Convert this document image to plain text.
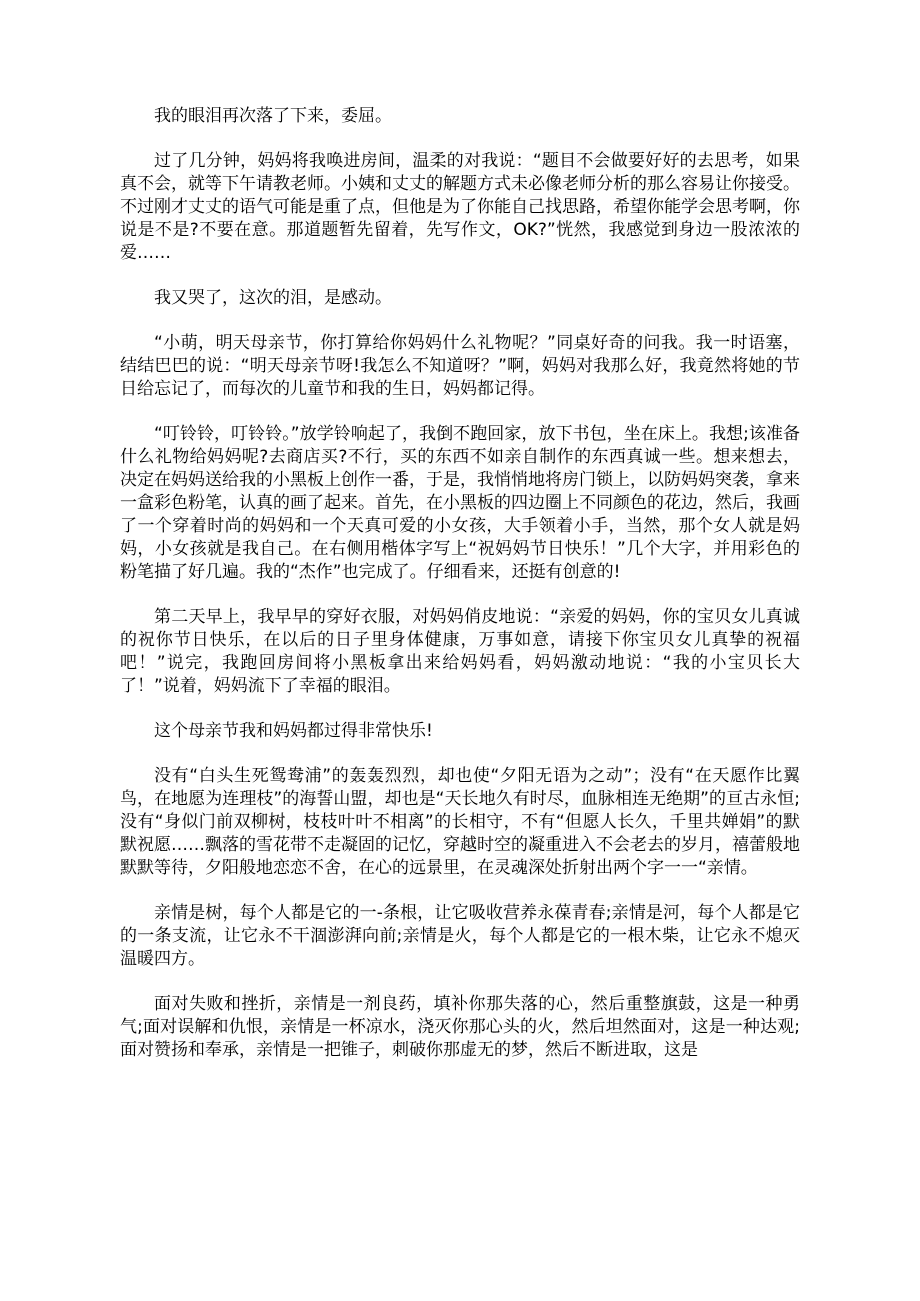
我的眼泪再次落了下来，委屈。

过了几分钟，妈妈将我唤进房间，温柔的对我说：“题目不会做要好好的去思考，如果真不会，就等下午请教老师。小姨和丈丈的解题方式未必像老师分析的那么容易让你接受。不过刚才丈丈的语气可能是重了点，但他是为了你能自己找思路，希望你能学会思考啊，你说是不是?不要在意。那道题暂先留着，先写作文，OK?”恍然，我感觉到身边一股浓浓的爱……

我又哭了，这次的泪，是感动。

“小萌，明天母亲节，你打算给你妈妈什么礼物呢？”同桌好奇的问我。我一时语塞，结结巴巴的说：“明天母亲节呀!我怎么不知道呀？”啊，妈妈对我那么好，我竟然将她的节日给忘记了，而每次的儿童节和我的生日，妈妈都记得。

“叮铃铃，叮铃铃。”放学铃响起了，我倒不跑回家，放下书包，坐在床上。我想;该准备什么礼物给妈妈呢?去商店买?不行，买的东西不如亲自制作的东西真诚一些。想来想去，决定在妈妈送给我的小黑板上创作一番，于是，我悄悄地将房门锁上，以防妈妈突袭，拿来一盒彩色粉笔，认真的画了起来。首先，在小黑板的四边圈上不同颜色的花边，然后，我画了一个穿着时尚的妈妈和一个天真可爱的小女孩，大手领着小手，当然，那个女人就是妈妈，小女孩就是我自己。在右侧用楷体字写上“祝妈妈节日快乐！”几个大字，并用彩色的粉笔描了好几遍。我的“杰作”也完成了。仔细看来，还挺有创意的!

第二天早上，我早早的穿好衣服，对妈妈俏皮地说：“亲爱的妈妈，你的宝贝女儿真诚的祝你节日快乐，在以后的日子里身体健康，万事如意，请接下你宝贝女儿真挚的祝福吧！”说完，我跑回房间将小黑板拿出来给妈妈看，妈妈激动地说：“我的小宝贝长大了！”说着，妈妈流下了幸福的眼泪。

这个母亲节我和妈妈都过得非常快乐!

没有“白头生死鸳鸯浦”的轰轰烈烈，却也使“夕阳无语为之动”；没有“在天愿作比翼鸟，在地愿为连理枝”的海誓山盟，却也是“天长地久有时尽，血脉相连无绝期”的亘古永恒;没有“身似门前双柳树，枝枝叶叶不相离”的长相守，不有“但愿人长久，千里共婵娟”的默默祝愿……飘落的雪花带不走凝固的记忆，穿越时空的凝重进入不会老去的岁月，禧蕾般地默默等待，夕阳般地恋恋不舍，在心的远景里，在灵魂深处折射出两个字一一“亲情。

亲情是树，每个人都是它的一-条根，让它吸收营养永葆青春;亲情是河，每个人都是它的一条支流，让它永不干涸澎湃向前;亲情是火，每个人都是它的一根木柴，让它永不熄灭温暖四方。

面对失败和挫折，亲情是一剂良药，填补你那失落的心，然后重整旗鼓，这是一种勇气;面对误解和仇恨，亲情是一杯凉水，浇灭你那心头的火，然后坦然面对，这是一种达观;面对赞扬和奉承，亲情是一把锥子，刺破你那虚无的梦，然后不断进取，这是
